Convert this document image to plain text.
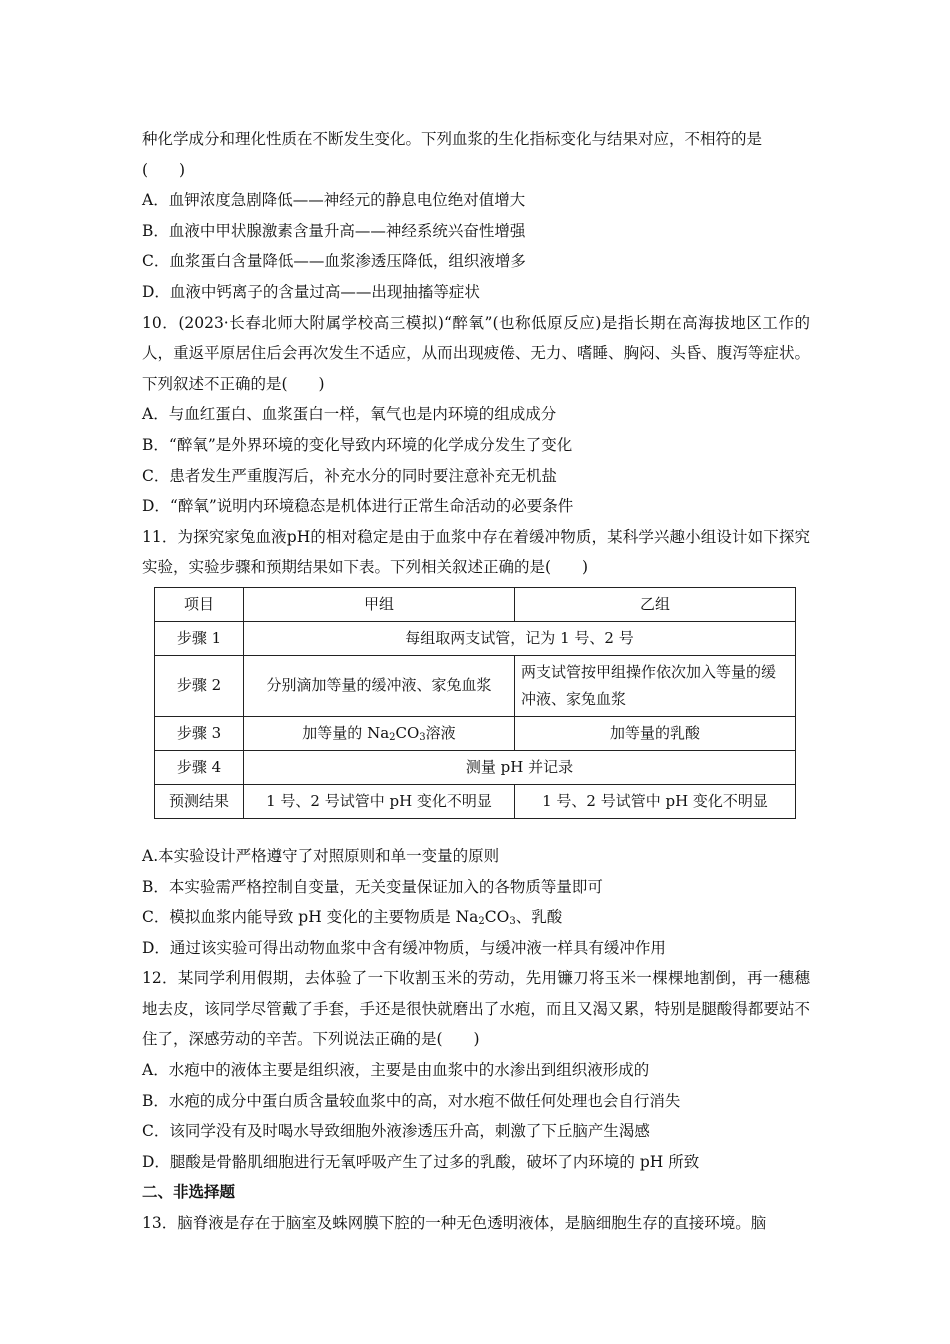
种化学成分和理化性质在不断发生变化。下列血浆的生化指标变化与结果对应，不相符的是
(　　)
A．血钾浓度急剧降低——神经元的静息电位绝对值增大
B．血液中甲状腺激素含量升高——神经系统兴奋性增强
C．血浆蛋白含量降低——血浆渗透压降低，组织液增多
D．血液中钙离子的含量过高——出现抽搐等症状
10．(2023·长春北师大附属学校高三模拟)“醉氧”(也称低原反应)是指长期在高海拔地区工作的人，重返平原居住后会再次发生不适应，从而出现疲倦、无力、嗜睡、胸闷、头昏、腹泻等症状。下列叙述不正确的是(　　)
A．与血红蛋白、血浆蛋白一样，氧气也是内环境的组成成分
B．“醉氧”是外界环境的变化导致内环境的化学成分发生了变化
C．患者发生严重腹泻后，补充水分的同时要注意补充无机盐
D．“醉氧”说明内环境稳态是机体进行正常生命活动的必要条件
11．为探究家兔血液pH的相对稳定是由于血浆中存在着缓冲物质，某科学兴趣小组设计如下探究实验，实验步骤和预期结果如下表。下列相关叙述正确的是(　　)
项目	甲组	乙组
步骤 1	每组取两支试管，记为 1 号、2 号	
步骤 2	分别滴加等量的缓冲液、家兔血浆	两支试管按甲组操作依次加入等量的缓冲液、家兔血浆
步骤 3	加等量的 $Na_2CO_3$溶液	加等量的乳酸
步骤 4	测量 pH 并记录	
预测结果	1 号、2 号试管中 pH 变化不明显	1 号、2 号试管中 pH 变化不明显
A.本实验设计严格遵守了对照原则和单一变量的原则
B．本实验需严格控制自变量，无关变量保证加入的各物质等量即可
C．模拟血浆内能导致 pH 变化的主要物质是 $Na_2CO_3$、乳酸
D．通过该实验可得出动物血浆中含有缓冲物质，与缓冲液一样具有缓冲作用
12．某同学利用假期，去体验了一下收割玉米的劳动，先用镰刀将玉米一棵棵地割倒，再一穗穗地去皮，该同学尽管戴了手套，手还是很快就磨出了水疱，而且又渴又累，特别是腿酸得都要站不住了，深感劳动的辛苦。下列说法正确的是(　　)
A．水疱中的液体主要是组织液，主要是由血浆中的水渗出到组织液形成的
B．水疱的成分中蛋白质含量较血浆中的高，对水疱不做任何处理也会自行消失
C．该同学没有及时喝水导致细胞外液渗透压升高，刺激了下丘脑产生渴感
D．腿酸是骨骼肌细胞进行无氧呼吸产生了过多的乳酸，破坏了内环境的 pH 所致
二、非选择题
13．脑脊液是存在于脑室及蛛网膜下腔的一种无色透明液体，是脑细胞生存的直接环境。脑
